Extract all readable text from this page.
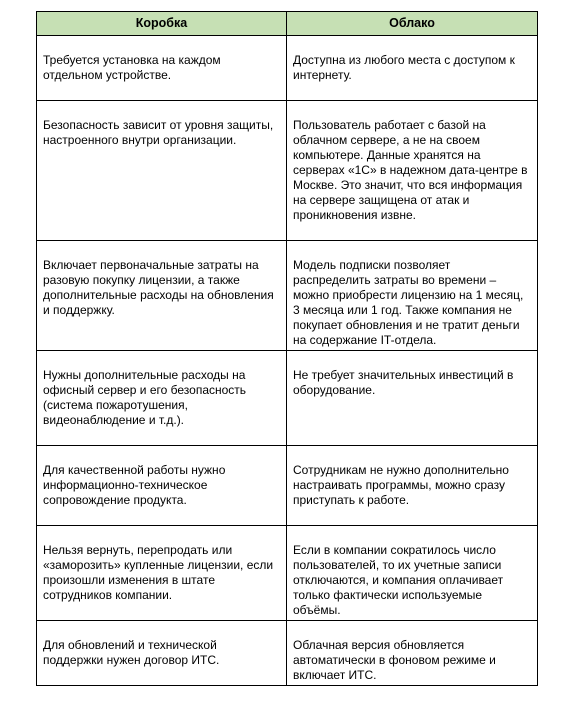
Коробка	Облако
Требуется установка на каждом отдельном устройстве.	Доступна из любого места с доступом к интернету.
Безопасность зависит от уровня защиты, настроенного внутри организации.	Пользователь работает с базой на облачном сервере, а не на своем компьютере. Данные хранятся на серверах «1С» в надежном дата-центре в Москве. Это значит, что вся информация на сервере защищена от атак и проникновения извне.
Включает первоначальные затраты на разовую покупку лицензии, а также дополнительные расходы на обновления и поддержку.	Модель подписки позволяет распределить затраты во времени – можно приобрести лицензию на 1 месяц, 3 месяца или 1 год. Также компания не покупает обновления и не тратит деньги на содержание IT-отдела.
Нужны дополнительные расходы на офисный сервер и его безопасность (система пожаротушения, видеонаблюдение и т.д.).	Не требует значительных инвестиций в оборудование.
Для качественной работы нужно информационно-техническое сопровождение продукта.	Сотрудникам не нужно дополнительно настраивать программы, можно сразу приступать к работе.
Нельзя вернуть, перепродать или «заморозить» купленные лицензии, если произошли изменения в штате сотрудников компании.	Если в компании сократилось число пользователей, то их учетные записи отключаются, и компания оплачивает только фактически используемые объёмы.
Для обновлений и технической поддержки нужен договор ИТС.	Облачная версия обновляется автоматически в фоновом режиме и включает ИТС.
